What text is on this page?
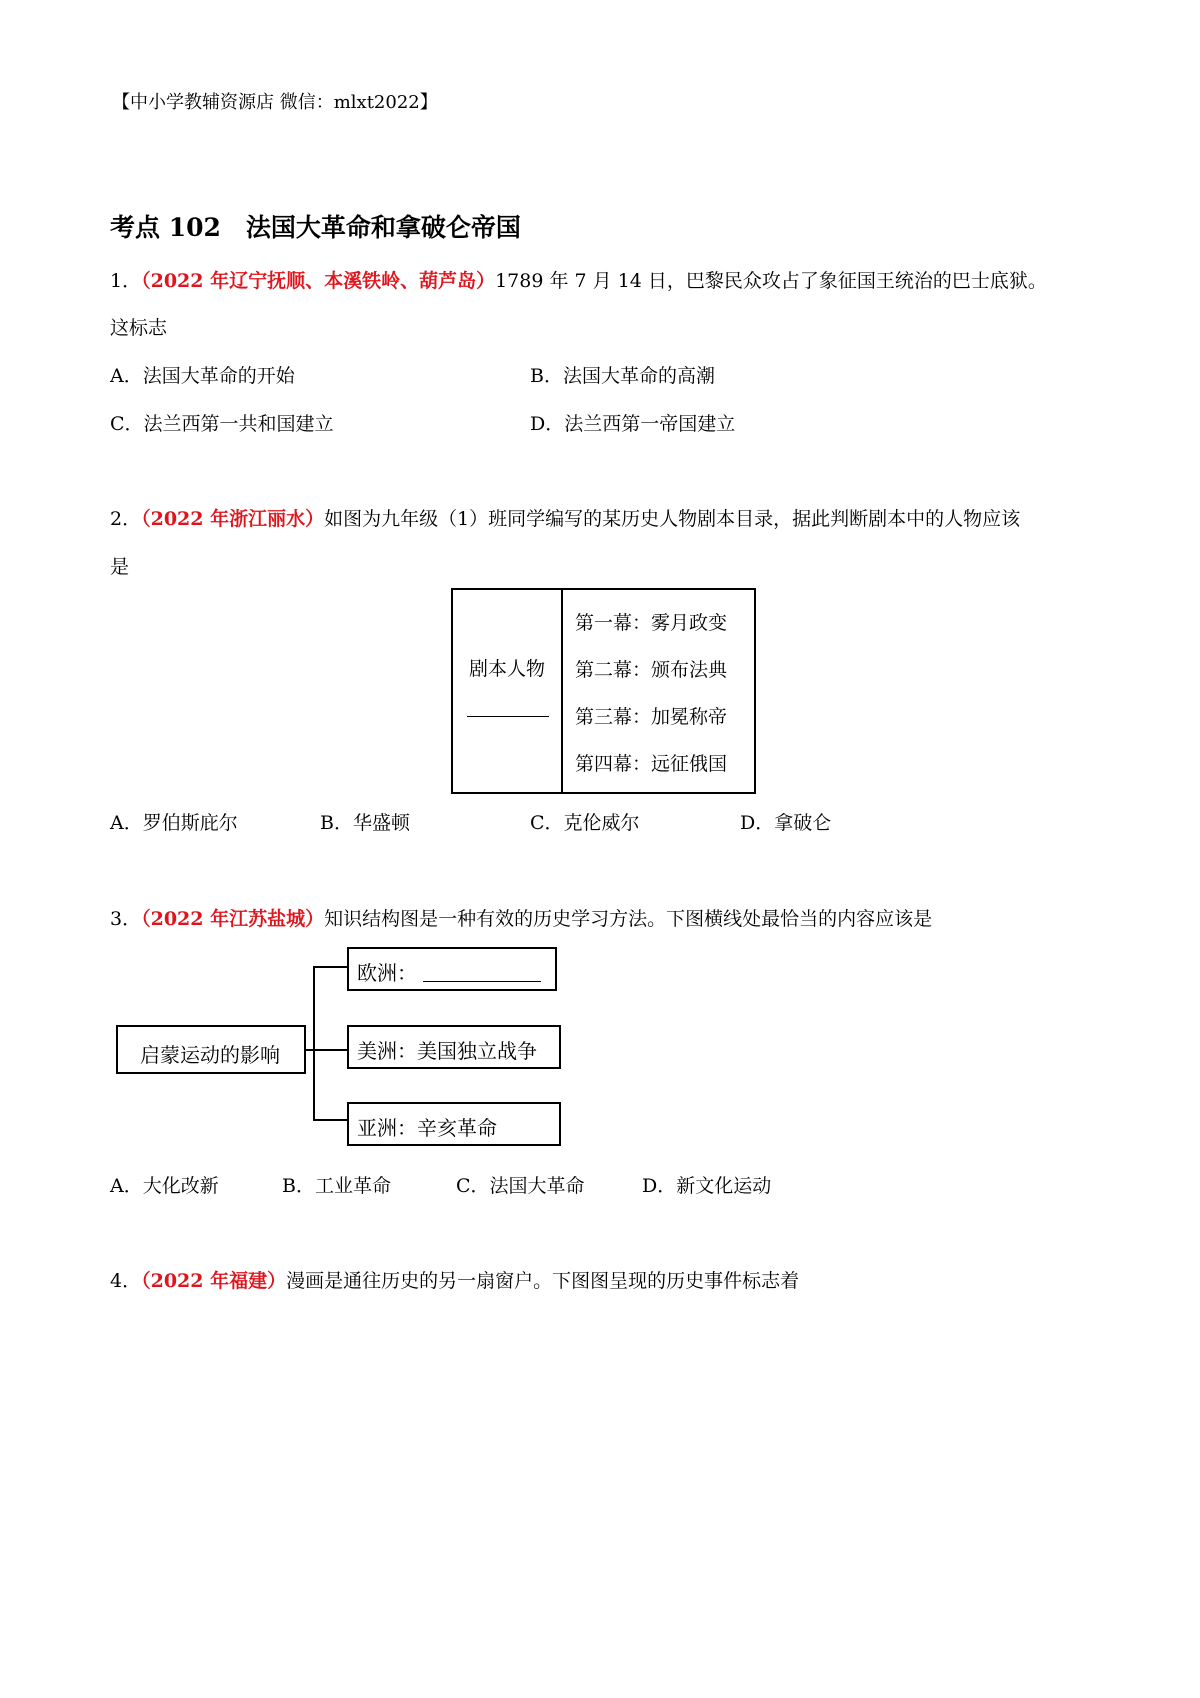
【中小学教辅资源店 微信：mlxt2022】
考点 102　法国大革命和拿破仑帝国
1．（2022 年辽宁抚顺、本溪铁岭、葫芦岛）1789 年 7 月 14 日，巴黎民众攻占了象征国王统治的巴士底狱。
这标志
A．法国大革命的开始	B．法国大革命的高潮
C．法兰西第一共和国建立	D．法兰西第一帝国建立
2．（2022 年浙江丽水）如图为九年级（1）班同学编写的某历史人物剧本目录，据此判断剧本中的人物应该
是
剧本人物
第一幕：雾月政变
第二幕：颁布法典
第三幕：加冕称帝
第四幕：远征俄国
A．罗伯斯庇尔	B．华盛顿	C．克伦威尔	D．拿破仑
3．（2022 年江苏盐城）知识结构图是一种有效的历史学习方法。下图横线处最恰当的内容应该是
启蒙运动的影响
欧洲：
美洲：美国独立战争
亚洲：辛亥革命
A．大化改新	B．工业革命	C．法国大革命	D．新文化运动
4．（2022 年福建）漫画是通往历史的另一扇窗户。下图图呈现的历史事件标志着
